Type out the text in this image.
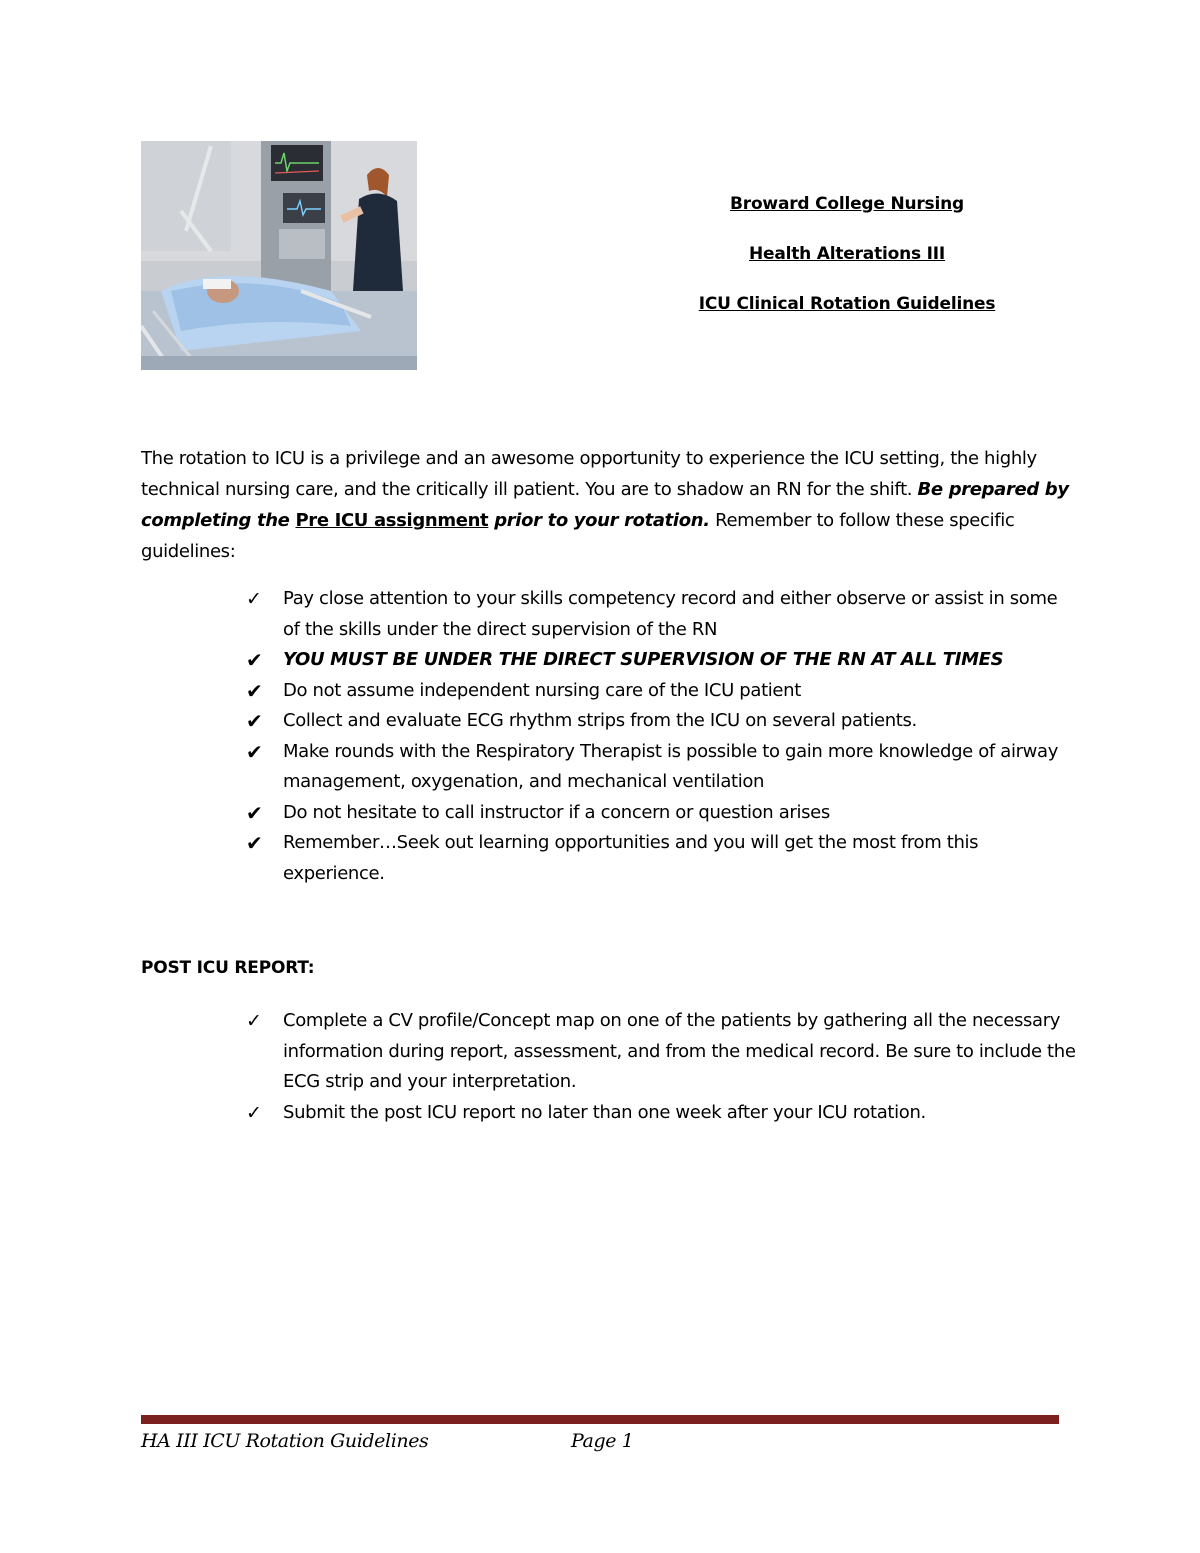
Broward College Nursing
Health Alterations III
ICU Clinical Rotation Guidelines
The rotation to ICU is a privilege and an awesome opportunity to experience the ICU setting, the highly technical nursing care, and the critically ill patient. You are to shadow an RN for the shift. Be prepared by completing the Pre ICU assignment prior to your rotation. Remember to follow these specific guidelines:
✓ Pay close attention to your skills competency record and either observe or assist in some of the skills under the direct supervision of the RN
✔ YOU MUST BE UNDER THE DIRECT SUPERVISION OF THE RN AT ALL TIMES
✔ Do not assume independent nursing care of the ICU patient
✔ Collect and evaluate ECG rhythm strips from the ICU on several patients.
✔ Make rounds with the Respiratory Therapist is possible to gain more knowledge of airway management, oxygenation, and mechanical ventilation
✔ Do not hesitate to call instructor if a concern or question arises
✔ Remember…Seek out learning opportunities and you will get the most from this experience.
POST ICU REPORT:
✓ Complete a CV profile/Concept map on one of the patients by gathering all the necessary information during report, assessment, and from the medical record. Be sure to include the ECG strip and your interpretation.
✓ Submit the post ICU report no later than one week after your ICU rotation.
HA III ICU Rotation Guidelines	Page 1
